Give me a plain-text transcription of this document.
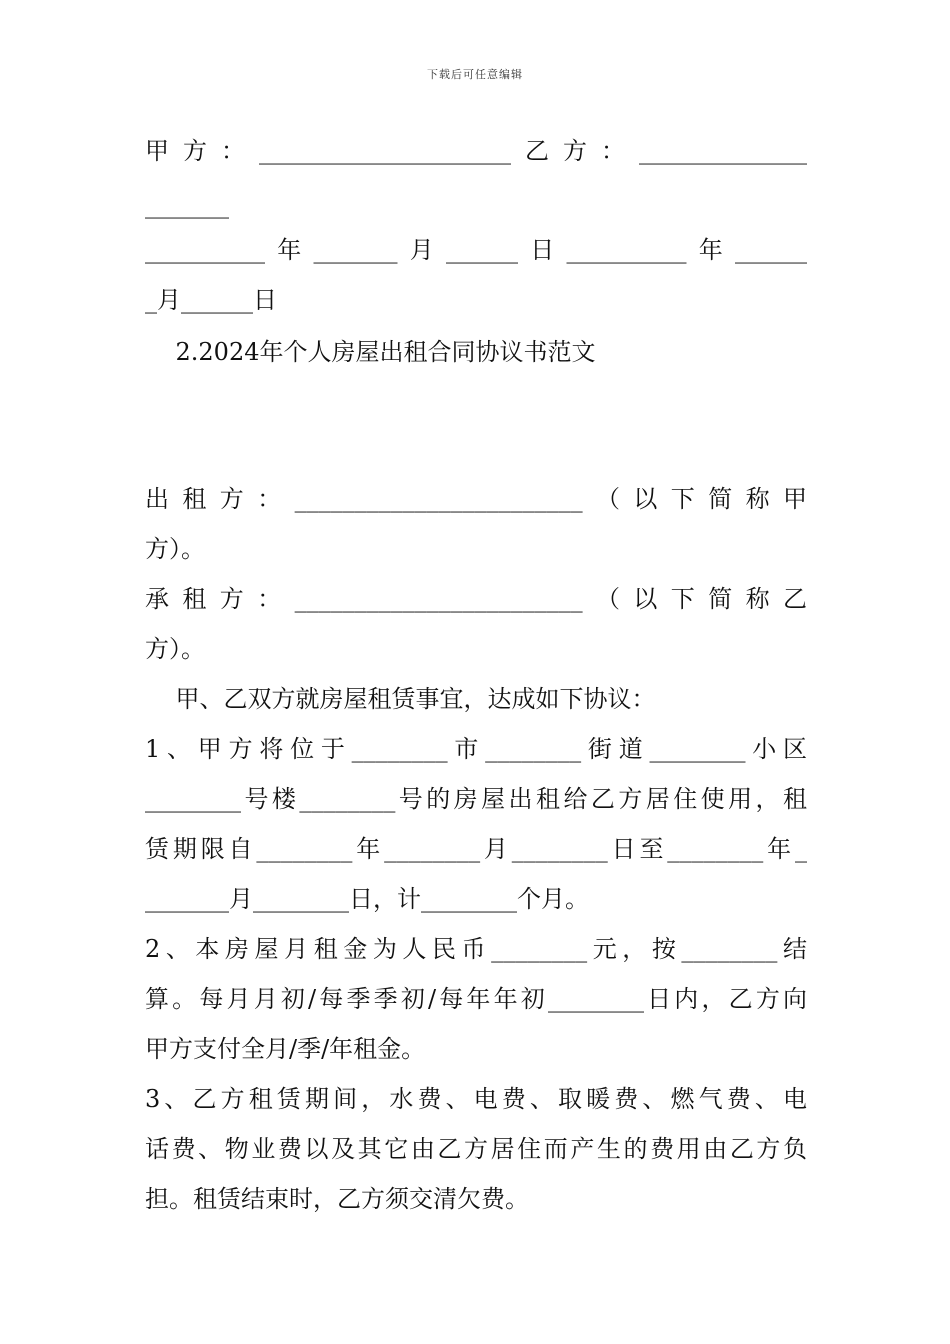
下载后可任意编辑
甲方：_____________________乙方：______________
_______
__________年_______月______日__________年______
_月______日
2.2024年个人房屋出租合同协议书范文
出租方：________________________（以下简称甲
方）。
承租方：________________________（以下简称乙
方）。
甲、乙双方就房屋租赁事宜，达成如下协议：
1、甲方将位于________市________街道________小区
________号楼________号的房屋出租给乙方居住使用，租
赁期限自________年________月________日至________年_
_______月________日，计________个月。
2、本房屋月租金为人民币________元，按________结
算。每月月初/每季季初/每年年初________日内，乙方向
甲方支付全月/季/年租金。
3、乙方租赁期间，水费、电费、取暖费、燃气费、电
话费、物业费以及其它由乙方居住而产生的费用由乙方负
担。租赁结束时，乙方须交清欠费。
